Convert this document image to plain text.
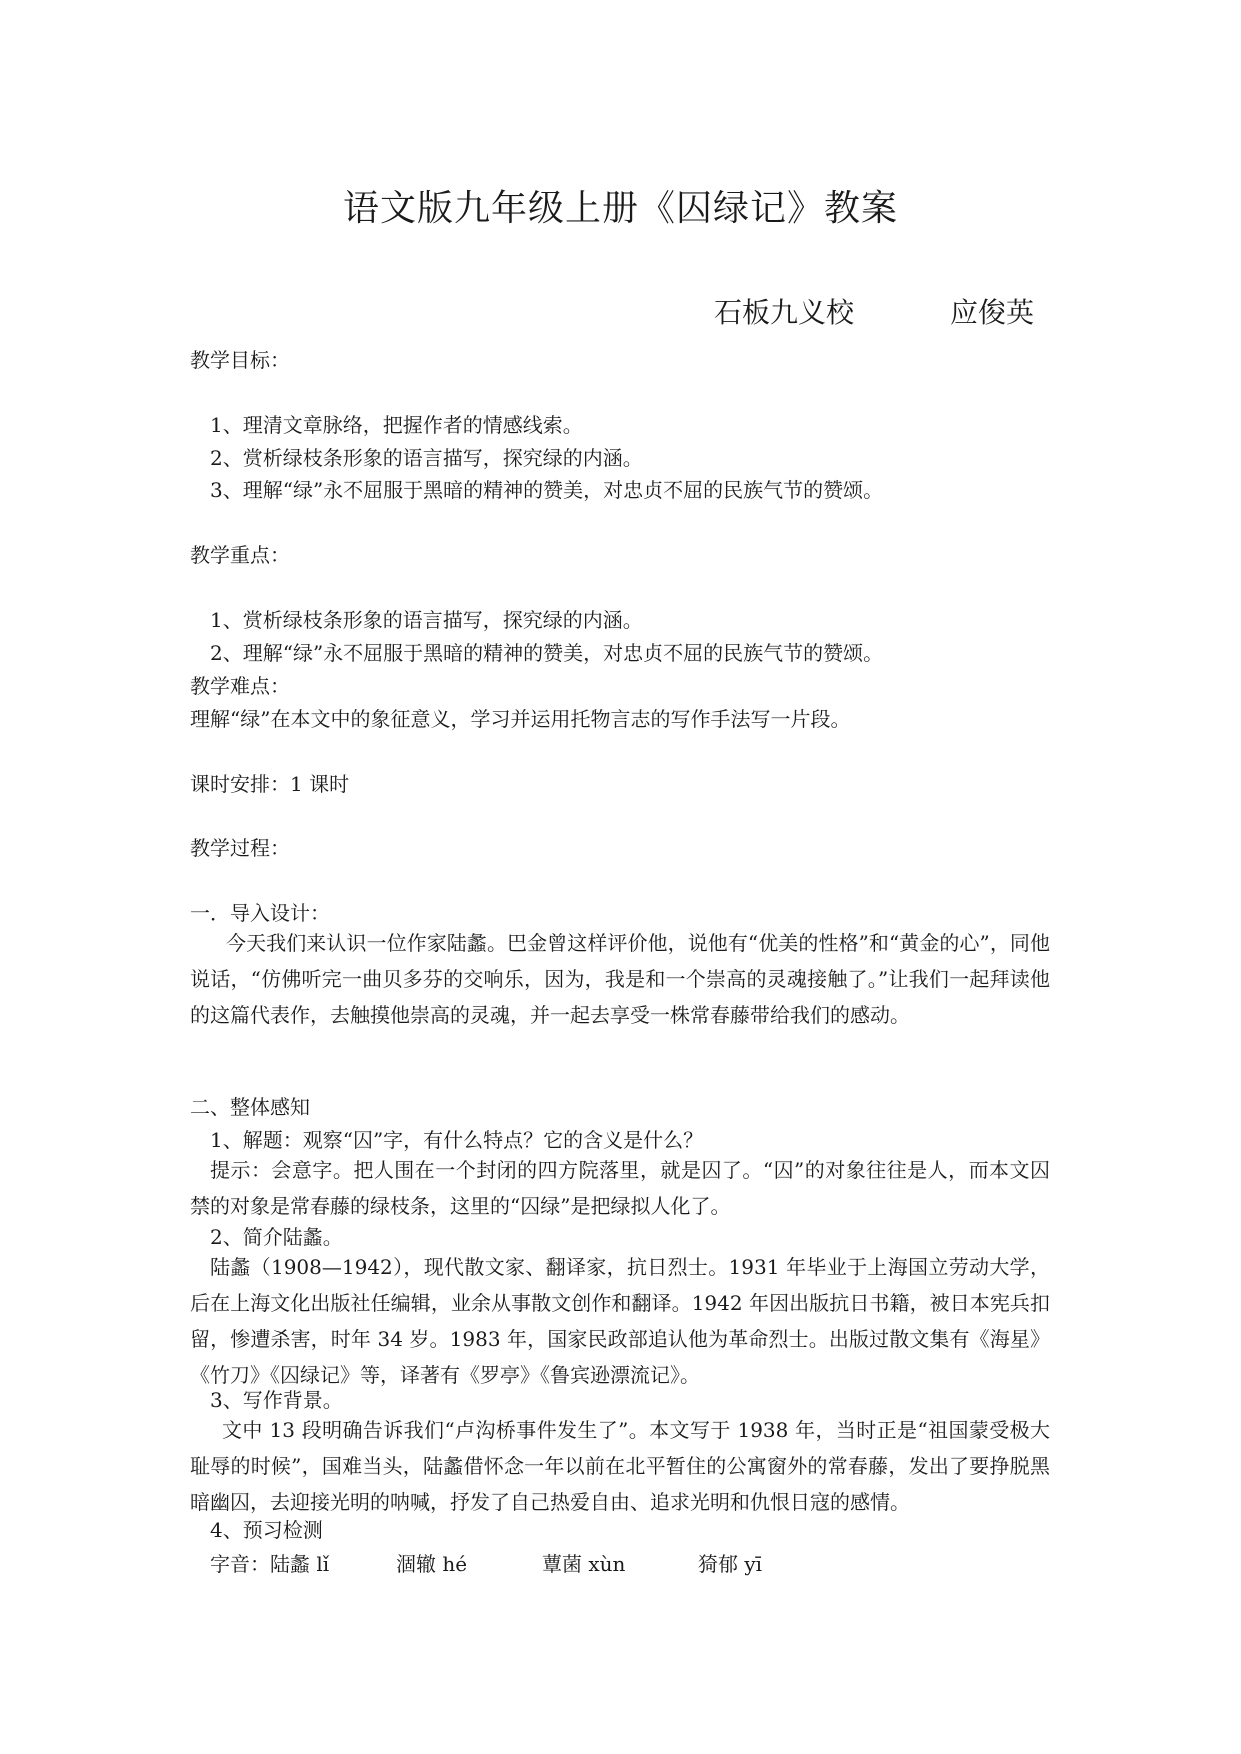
语文版九年级上册《囚绿记》教案
石板九义校	应俊英
教学目标：
1、理清文章脉络，把握作者的情感线索。
2、赏析绿枝条形象的语言描写，探究绿的内涵。
3、理解“绿”永不屈服于黑暗的精神的赞美，对忠贞不屈的民族气节的赞颂。
教学重点：
1、赏析绿枝条形象的语言描写，探究绿的内涵。
2、理解“绿”永不屈服于黑暗的精神的赞美，对忠贞不屈的民族气节的赞颂。
教学难点：
理解“绿”在本文中的象征意义，学习并运用托物言志的写作手法写一片段。
课时安排：1 课时
教学过程：
一．导入设计：
今天我们来认识一位作家陆蠡。巴金曾这样评价他，说他有“优美的性格”和“黄金的心”，同他说话，“仿佛听完一曲贝多芬的交响乐，因为，我是和一个崇高的灵魂接触了。”让我们一起拜读他的这篇代表作，去触摸他崇高的灵魂，并一起去享受一株常春藤带给我们的感动。
二、整体感知
1、解题：观察“囚”字，有什么特点？它的含义是什么？
提示：会意字。把人围在一个封闭的四方院落里，就是囚了。“囚”的对象往往是人，而本文囚禁的对象是常春藤的绿枝条，这里的“囚绿”是把绿拟人化了。
2、简介陆蠡。
陆蠡（1908—1942），现代散文家、翻译家，抗日烈士。1931 年毕业于上海国立劳动大学，后在上海文化出版社任编辑，业余从事散文创作和翻译。1942 年因出版抗日书籍，被日本宪兵扣留，惨遭杀害，时年 34 岁。1983 年，国家民政部追认他为革命烈士。出版过散文集有《海星》《竹刀》《囚绿记》等，译著有《罗亭》《鲁宾逊漂流记》。
3、写作背景。
文中 13 段明确告诉我们“卢沟桥事件发生了”。本文写于 1938 年，当时正是“祖国蒙受极大耻辱的时候”，国难当头，陆蠡借怀念一年以前在北平暂住的公寓窗外的常春藤，发出了要挣脱黑暗幽囚，去迎接光明的呐喊，抒发了自己热爱自由、追求光明和仇恨日寇的感情。
4、预习检测
字音：陆蠡 lǐ	涸辙 hé	蕈菌 xùn	猗郁 yī
